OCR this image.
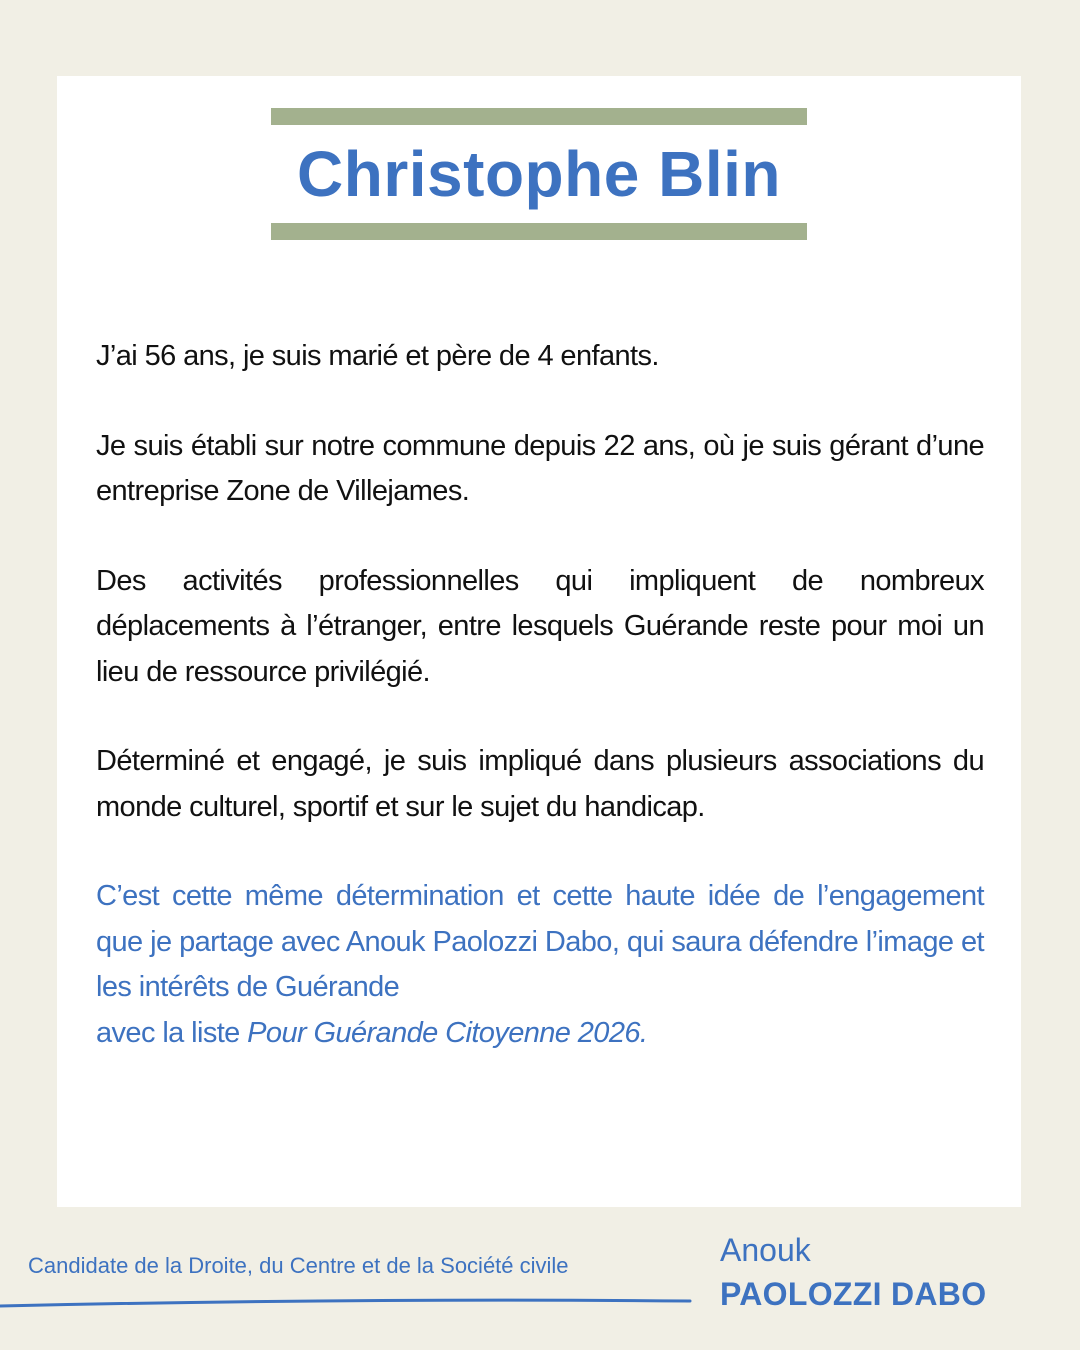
Christophe Blin

J’ai 56 ans, je suis marié et père de 4 enfants.

Je suis établi sur notre commune depuis 22 ans, où je suis gérant d’une entreprise Zone de Villejames.

Des activités professionnelles qui impliquent de nombreux déplacements à l’étranger, entre lesquels Guérande reste pour moi un lieu de ressource privilégié.

Déterminé et engagé, je suis impliqué dans plusieurs associations du monde culturel, sportif et sur le sujet du handicap.

C’est cette même détermination et cette haute idée de l’engagement que je partage avec Anouk Paolozzi Dabo, qui saura défendre l’image et les intérêts de Guérande
avec la liste Pour Guérande Citoyenne 2026.

Candidate de la Droite, du Centre et de la Société civile	Anouk
PAOLOZZI DABO
